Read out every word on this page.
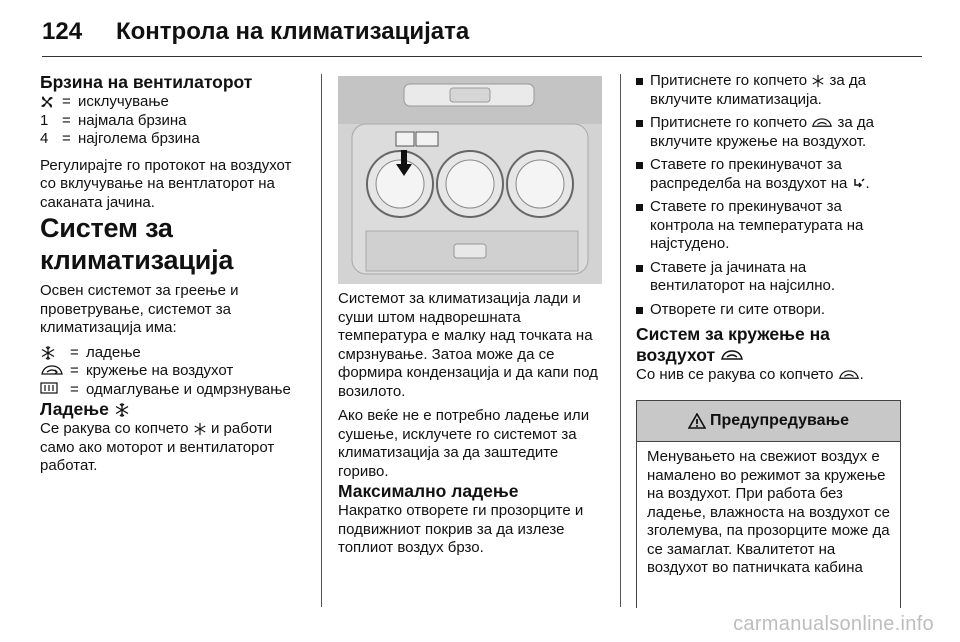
124 Контрола на климатизацијата
Брзина на вентилаторот
= исклучување
1 = најмала брзина
4 = најголема брзина

Регулирајте го протокот на воздухот со вклучување на вентлаторот на саканата јачина.

Систем за климатизација

Освен системот за греење и проветрување, системот за климатизација има:

= ладење
= кружење на воздухот
= одмаглување и одмрзнување
Ладење

Се ракува со копчето и работи само ако моторот и вентилаторот работат.

Системот за климатизација лади и суши штом надворешната температура е малку над точката на смрзнување. Затоа може да се формира кондензација и да капи под возилото.

Ако веќе не е потребно ладење или сушење, исклучете го системот за климатизација за да заштедите гориво.

Максимално ладење

Накратко отворете ги прозорците и подвижниот покрив за да излезе топлиот воздух брзо.

Притиснете го копчето за да вклучите климатизација.
Притиснете го копчето за да вклучите кружење на воздухот.
Ставете го прекинувачот за распределба на воздухот на .
Ставете го прекинувачот за контрола на температурата на најстудено.
Ставете ја јачината на вентилаторот на најсилно.
Отворете ги сите отвори.
Систем за кружење на
воздухот

Со нив се ракува со копчето .

Предупредување
Менувањето на свежиот воздух е намалено во режимот за кружење на воздухот. При работа без ладење, влажноста на воздухот се зголемува, па прозорците може да се замаглат. Квалитетот на воздухот во патничката кабина
carmanualsonline.info
